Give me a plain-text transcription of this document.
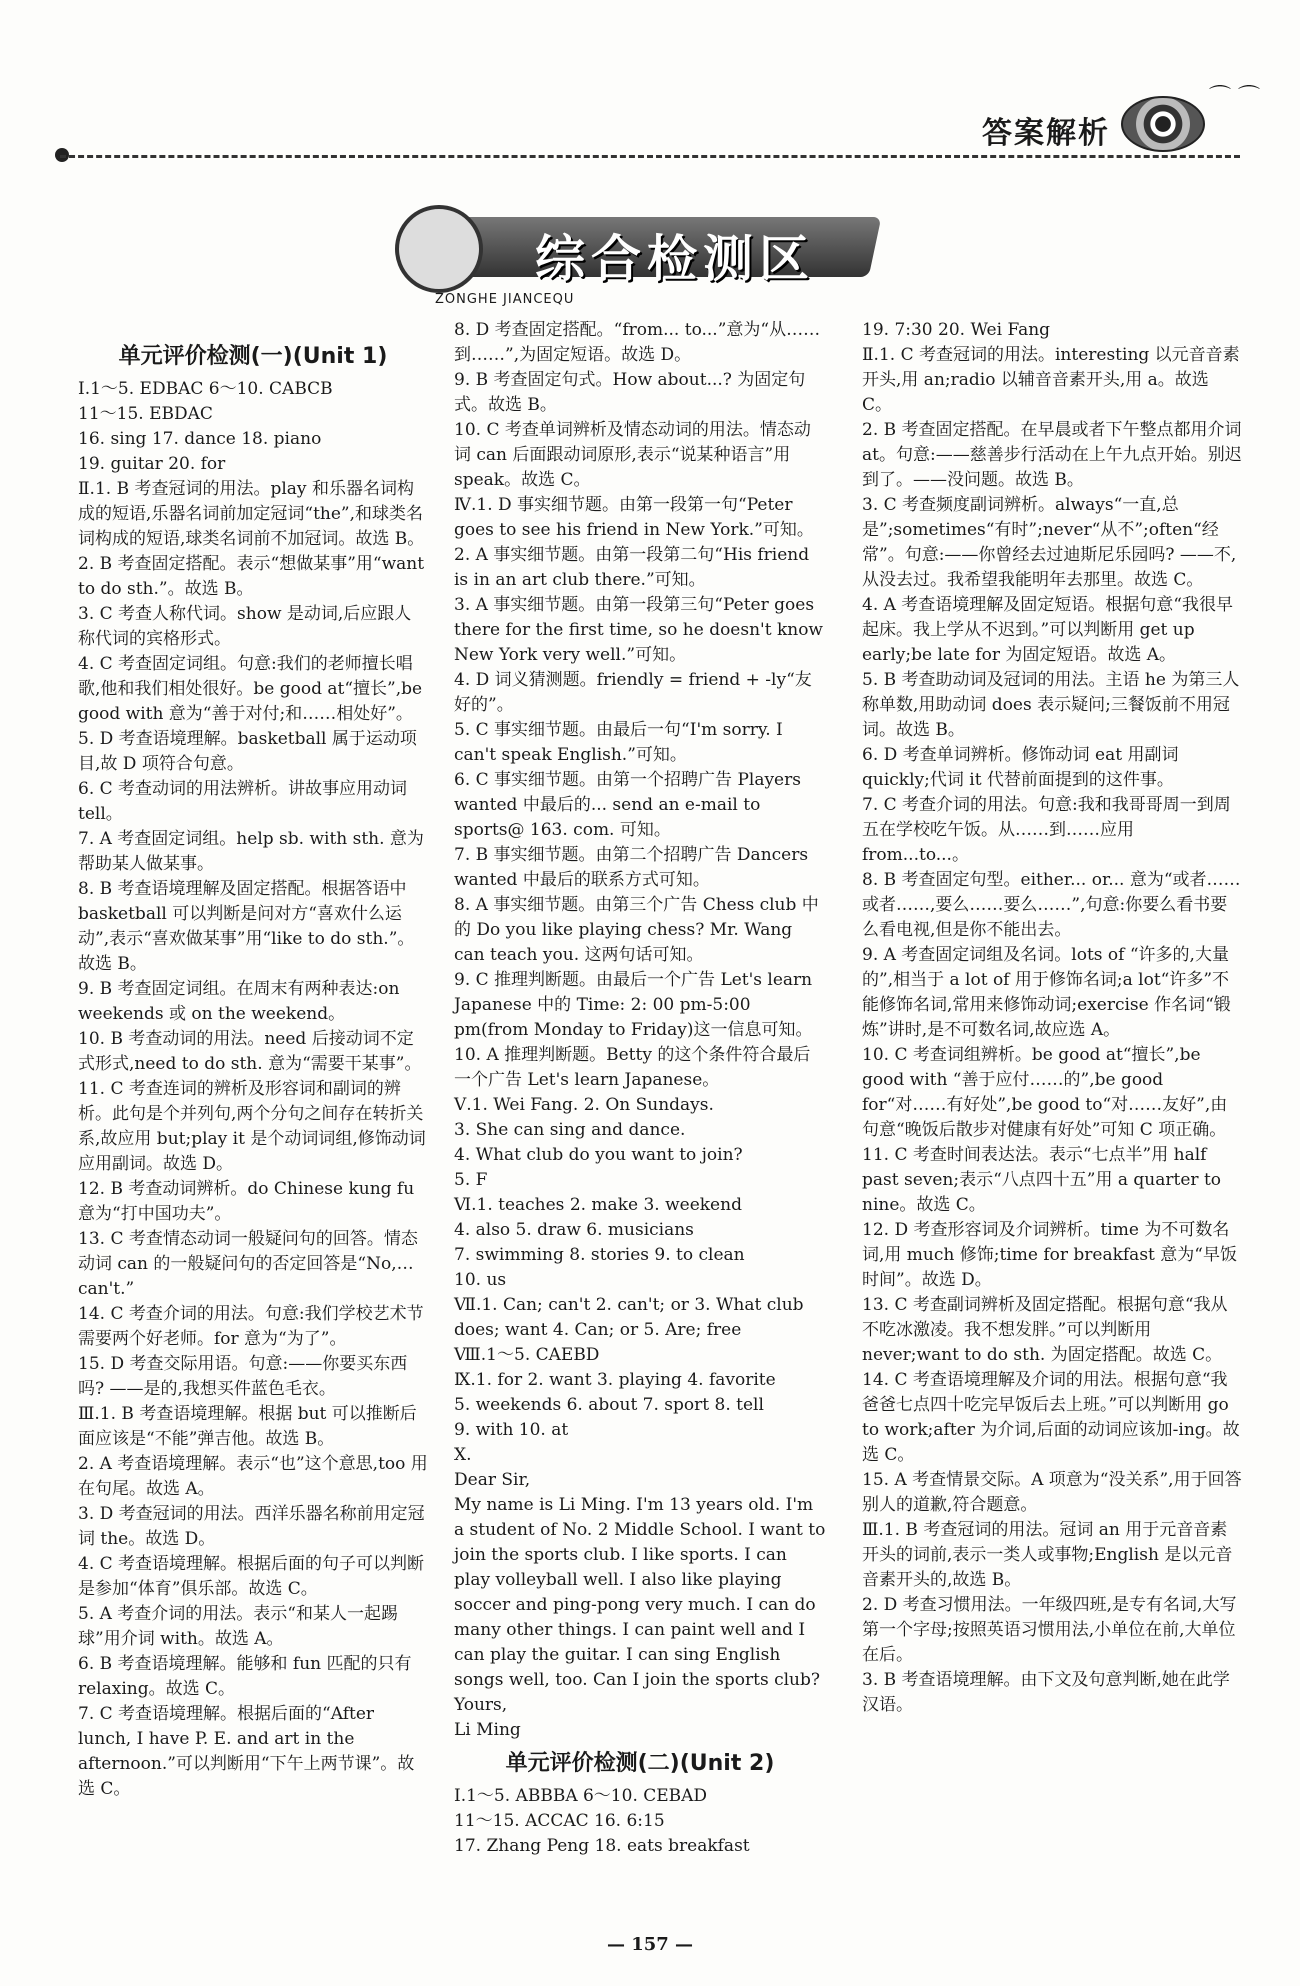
答案解析
⌒ ⌒
综合检测区
ZONGHE JIANCEQU
单元评价检测(一)(Unit 1)
Ⅰ.1～5. EDBAC 6～10. CABCB
11～15. EBDAC
16. sing 17. dance 18. piano
19. guitar 20. for
Ⅱ.1. B 考查冠词的用法。play 和乐器名词构成的短语,乐器名词前加定冠词“the”,和球类名词构成的短语,球类名词前不加冠词。故选 B。
2. B 考查固定搭配。表示“想做某事”用“want to do sth.”。故选 B。
3. C 考查人称代词。show 是动词,后应跟人称代词的宾格形式。
4. C 考查固定词组。句意:我们的老师擅长唱歌,他和我们相处很好。be good at“擅长”,be good with 意为“善于对付;和……相处好”。
5. D 考查语境理解。basketball 属于运动项目,故 D 项符合句意。
6. C 考查动词的用法辨析。讲故事应用动词 tell。
7. A 考查固定词组。help sb. with sth. 意为帮助某人做某事。
8. B 考查语境理解及固定搭配。根据答语中 basketball 可以判断是问对方“喜欢什么运动”,表示“喜欢做某事”用“like to do sth.”。故选 B。
9. B 考查固定词组。在周末有两种表达:on weekends 或 on the weekend。
10. B 考查动词的用法。need 后接动词不定式形式,need to do sth. 意为“需要干某事”。
11. C 考查连词的辨析及形容词和副词的辨析。此句是个并列句,两个分句之间存在转折关系,故应用 but;play it 是个动词词组,修饰动词应用副词。故选 D。
12. B 考查动词辨析。do Chinese kung fu 意为“打中国功夫”。
13. C 考查情态动词一般疑问句的回答。情态动词 can 的一般疑问句的否定回答是“No,… can't.”
14. C 考查介词的用法。句意:我们学校艺术节需要两个好老师。for 意为“为了”。
15. D 考查交际用语。句意:——你要买东西吗? ——是的,我想买件蓝色毛衣。
Ⅲ.1. B 考查语境理解。根据 but 可以推断后面应该是“不能”弹吉他。故选 B。
2. A 考查语境理解。表示“也”这个意思,too 用在句尾。故选 A。
3. D 考查冠词的用法。西洋乐器名称前用定冠词 the。故选 D。
4. C 考查语境理解。根据后面的句子可以判断是参加“体育”俱乐部。故选 C。
5. A 考查介词的用法。表示“和某人一起踢球”用介词 with。故选 A。
6. B 考查语境理解。能够和 fun 匹配的只有 relaxing。故选 C。
7. C 考查语境理解。根据后面的“After lunch, I have P. E. and art in the afternoon.”可以判断用“下午上两节课”。故选 C。
8. D 考查固定搭配。“from... to...”意为“从……到……”,为固定短语。故选 D。
9. B 考查固定句式。How about...? 为固定句式。故选 B。
10. C 考查单词辨析及情态动词的用法。情态动词 can 后面跟动词原形,表示“说某种语言”用 speak。故选 C。
Ⅳ.1. D 事实细节题。由第一段第一句“Peter goes to see his friend in New York.”可知。
2. A 事实细节题。由第一段第二句“His friend is in an art club there.”可知。
3. A 事实细节题。由第一段第三句“Peter goes there for the first time, so he doesn't know New York very well.”可知。
4. D 词义猜测题。friendly = friend + -ly“友好的”。
5. C 事实细节题。由最后一句“I'm sorry. I can't speak English.”可知。
6. C 事实细节题。由第一个招聘广告 Players wanted 中最后的... send an e-mail to sports@ 163. com. 可知。
7. B 事实细节题。由第二个招聘广告 Dancers wanted 中最后的联系方式可知。
8. A 事实细节题。由第三个广告 Chess club 中的 Do you like playing chess? Mr. Wang can teach you. 这两句话可知。
9. C 推理判断题。由最后一个广告 Let's learn Japanese 中的 Time: 2: 00 pm-5:00 pm(from Monday to Friday)这一信息可知。
10. A 推理判断题。Betty 的这个条件符合最后一个广告 Let's learn Japanese。
Ⅴ.1. Wei Fang. 2. On Sundays.
3. She can sing and dance.
4. What club do you want to join?
5. F
Ⅵ.1. teaches 2. make 3. weekend
4. also 5. draw 6. musicians
7. swimming 8. stories 9. to clean
10. us
Ⅶ.1. Can; can't 2. can't; or 3. What club does; want 4. Can; or 5. Are; free
Ⅷ.1～5. CAEBD
Ⅸ.1. for 2. want 3. playing 4. favorite
5. weekends 6. about 7. sport 8. tell
9. with 10. at
Ⅹ.
Dear Sir,
My name is Li Ming. I'm 13 years old. I'm a student of No. 2 Middle School. I want to join the sports club. I like sports. I can play volleyball well. I also like playing soccer and ping-pong very much. I can do many other things. I can paint well and I can play the guitar. I can sing English songs well, too. Can I join the sports club?
Yours,
Li Ming
单元评价检测(二)(Unit 2)
Ⅰ.1～5. ABBBA 6～10. CEBAD
11～15. ACCAC 16. 6:15
17. Zhang Peng 18. eats breakfast
19. 7:30 20. Wei Fang
Ⅱ.1. C 考查冠词的用法。interesting 以元音音素开头,用 an;radio 以辅音音素开头,用 a。故选 C。
2. B 考查固定搭配。在早晨或者下午整点都用介词 at。句意:——慈善步行活动在上午九点开始。别迟到了。——没问题。故选 B。
3. C 考查频度副词辨析。always“一直,总是”;sometimes“有时”;never“从不”;often“经常”。句意:——你曾经去过迪斯尼乐园吗? ——不,从没去过。我希望我能明年去那里。故选 C。
4. A 考查语境理解及固定短语。根据句意“我很早起床。我上学从不迟到。”可以判断用 get up early;be late for 为固定短语。故选 A。
5. B 考查助动词及冠词的用法。主语 he 为第三人称单数,用助动词 does 表示疑问;三餐饭前不用冠词。故选 B。
6. D 考查单词辨析。修饰动词 eat 用副词 quickly;代词 it 代替前面提到的这件事。
7. C 考查介词的用法。句意:我和我哥哥周一到周五在学校吃午饭。从……到……应用 from...to...。
8. B 考查固定句型。either... or... 意为“或者……或者……,要么……要么……”,句意:你要么看书要么看电视,但是你不能出去。
9. A 考查固定词组及名词。lots of “许多的,大量的”,相当于 a lot of 用于修饰名词;a lot“许多”不能修饰名词,常用来修饰动词;exercise 作名词“锻炼”讲时,是不可数名词,故应选 A。
10. C 考查词组辨析。be good at“擅长”,be good with “善于应付……的”,be good for“对……有好处”,be good to“对……友好”,由句意“晚饭后散步对健康有好处”可知 C 项正确。
11. C 考查时间表达法。表示“七点半”用 half past seven;表示“八点四十五”用 a quarter to nine。故选 C。
12. D 考查形容词及介词辨析。time 为不可数名词,用 much 修饰;time for breakfast 意为“早饭时间”。故选 D。
13. C 考查副词辨析及固定搭配。根据句意“我从不吃冰激凌。我不想发胖。”可以判断用 never;want to do sth. 为固定搭配。故选 C。
14. C 考查语境理解及介词的用法。根据句意“我爸爸七点四十吃完早饭后去上班。”可以判断用 go to work;after 为介词,后面的动词应该加-ing。故选 C。
15. A 考查情景交际。A 项意为“没关系”,用于回答别人的道歉,符合题意。
Ⅲ.1. B 考查冠词的用法。冠词 an 用于元音音素开头的词前,表示一类人或事物;English 是以元音音素开头的,故选 B。
2. D 考查习惯用法。一年级四班,是专有名词,大写第一个字母;按照英语习惯用法,小单位在前,大单位在后。
3. B 考查语境理解。由下文及句意判断,她在此学汉语。
— 157 —
